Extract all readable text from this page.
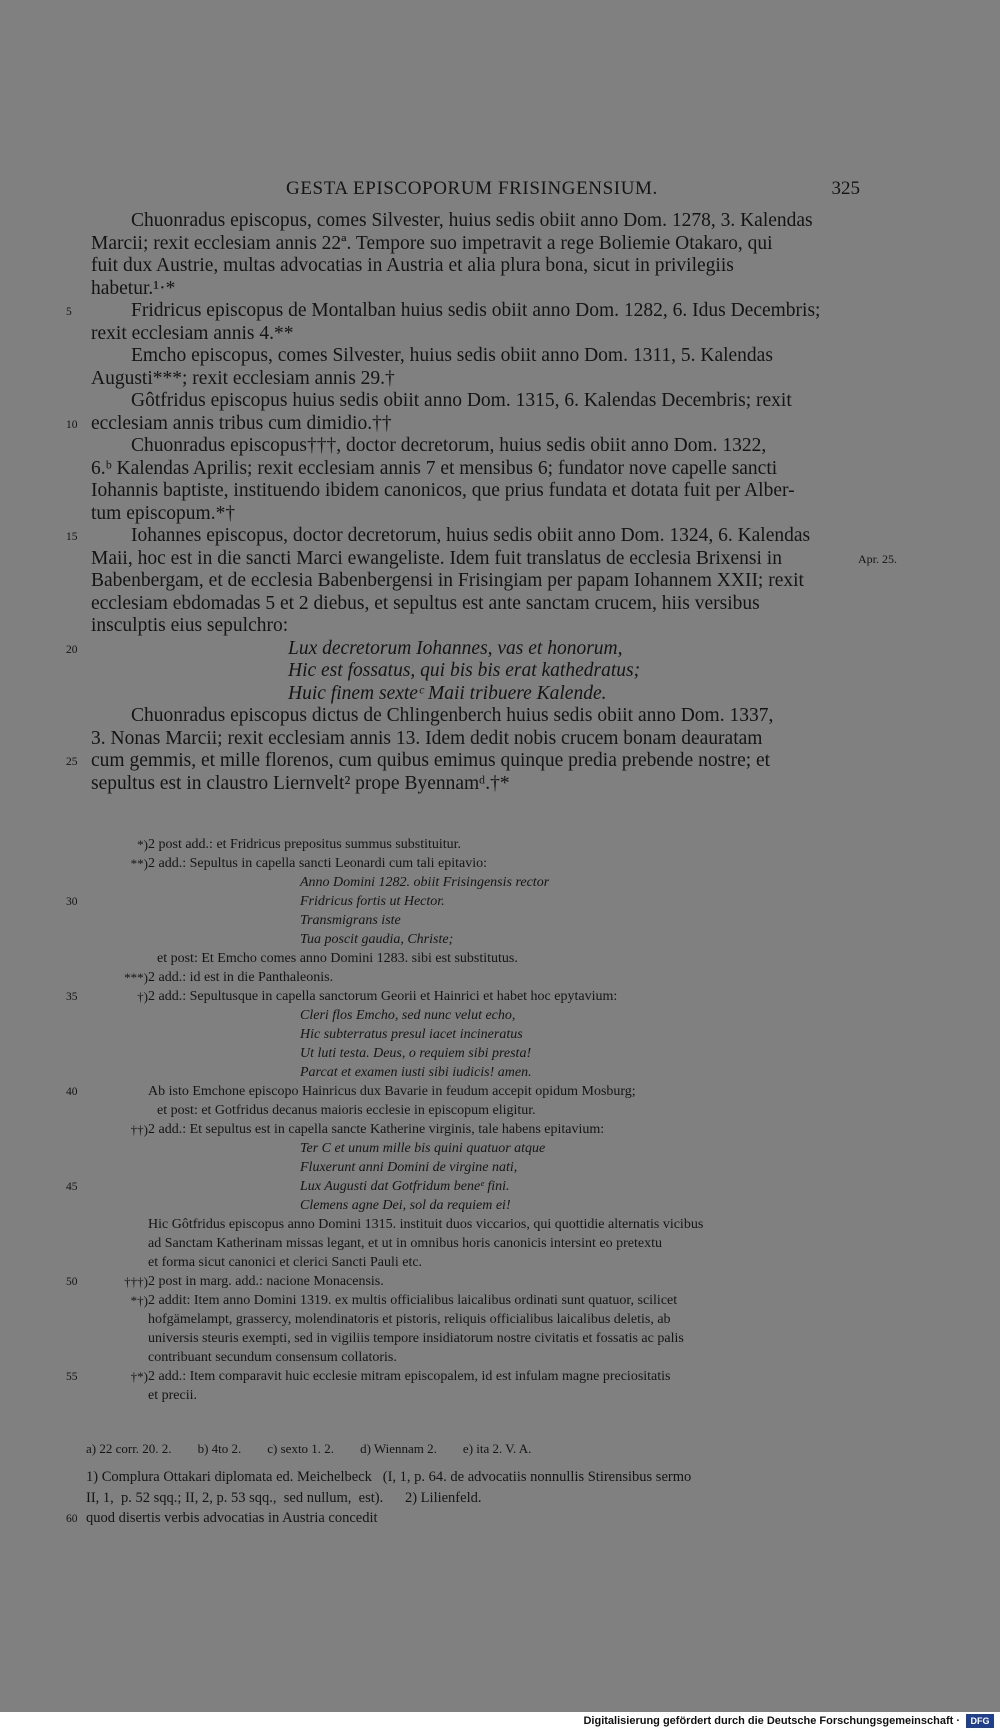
GESTA EPISCOPORUM FRISINGENSIUM.	325
Chuonradus episcopus, comes Silvester, huius sedis obiit anno Dom. 1278, 3. Kalendas
Marcii; rexit ecclesiam annis 22ª. Tempore suo impetravit a rege Boliemie Otakaro, qui
fuit dux Austrie, multas advocatias in Austria et alia plura bona, sicut in privilegiis
habetur.¹·*
5	Fridricus episcopus de Montalban huius sedis obiit anno Dom. 1282, 6. Idus Decembris;
rexit ecclesiam annis 4.**
Emcho episcopus, comes Silvester, huius sedis obiit anno Dom. 1311, 5. Kalendas
Augusti***; rexit ecclesiam annis 29.†
Gôtfridus episcopus huius sedis obiit anno Dom. 1315, 6. Kalendas Decembris; rexit
10 ecclesiam annis tribus cum dimidio.††
Chuonradus episcopus†††, doctor decretorum, huius sedis obiit anno Dom. 1322,
6.ᵇ Kalendas Aprilis; rexit ecclesiam annis 7 et mensibus 6; fundator nove capelle sancti
Iohannis baptiste, instituendo ibidem canonicos, que prius fundata et dotata fuit per Alber-
tum episcopum.*†
15	Iohannes episcopus, doctor decretorum, huius sedis obiit anno Dom. 1324, 6. Kalendas
Maii, hoc est in die sancti Marci ewangeliste. Idem fuit translatus de ecclesia Brixensi in	Apr. 25.
Babenbergam, et de ecclesia Babenbergensi in Frisingiam per papam Iohannem XXII; rexit
ecclesiam ebdomadas 5 et 2 diebus, et sepultus est ante sanctam crucem, hiis versibus
insculptis eius sepulchro:
20	Lux decretorum Iohannes, vas et honorum,
Hic est fossatus, qui bis bis erat kathedratus;
Huic finem sexteᶜ Maii tribuere Kalende.
Chuonradus episcopus dictus de Chlingenberch huius sedis obiit anno Dom. 1337,
3. Nonas Marcii; rexit ecclesiam annis 13. Idem dedit nobis crucem bonam deauratam
25 cum gemmis, et mille florenos, cum quibus emimus quinque predia prebende nostre; et
sepultus est in claustro Liernvelt² prope Byennamᵈ.†*
*) 2 post add.: et Fridricus prepositus summus substituitur.
**) 2 add.: Sepultus in capella sancti Leonardi cum tali epitavio:
Anno Domini 1282. obiit Frisingensis rector
30	Fridricus fortis ut Hector.
Transmigrans iste
Tua poscit gaudia, Christe;
et post: Et Emcho comes anno Domini 1283. sibi est substitutus.
***) 2 add.: id est in die Panthaleonis.
35	†) 2 add.: Sepultusque in capella sanctorum Georii et Hainrici et habet hoc epytavium:
Cleri flos Emcho, sed nunc velut echo,
Hic subterratus presul iacet incineratus
Ut luti testa. Deus, o requiem sibi presta!
Parcat et examen iusti sibi iudicis! amen.
40	Ab isto Emchone episcopo Hainricus dux Bavarie in feudum accepit opidum Mosburg;
et post: et Gotfridus decanus maioris ecclesie in episcopum eligitur.
††) 2 add.: Et sepultus est in capella sancte Katherine virginis, tale habens epitavium:
Ter C et unum mille bis quini quatuor atque
Fluxerunt anni Domini de virgine nati,
45	Lux Augusti dat Gotfridum beneᵉ fini.
Clemens agne Dei, sol da requiem ei!
Hic Gôtfridus episcopus anno Domini 1315. instituit duos viccarios, qui quottidie alternatis vicibus
ad Sanctam Katherinam missas legant, et ut in omnibus horis canonicis intersint eo pretextu
et forma sicut canonici et clerici Sancti Pauli etc.
50	†††) 2 post in marg. add.: nacione Monacensis.
*†) 2 addit: Item anno Domini 1319. ex multis officialibus laicalibus ordinati sunt quatuor, scilicet
hofgämelampt, grassercy, molendinatoris et pistoris, reliquis officialibus laicalibus deletis, ab
universis steuris exempti, sed in vigiliis tempore insidiatorum nostre civitatis et fossatis ac palis
contribuant secundum consensum collatoris.
55	†*) 2 add.: Item comparavit huic ecclesie mitram episcopalem, id est infulam magne preciositatis
et precii.
a) 22 corr. 20. 2. b) 4to 2. c) sexto 1. 2. d) Wiennam 2. e) ita 2. V. A.
1) Complura Ottakari diplomata ed. Meichelbeck   (I, 1, p. 64. de advocatiis nonnullis Stirensibus sermo
II, 1,  p. 52 sqq.; II, 2, p. 53 sqq.,  sed nullum,  est).      2) Lilienfeld.
60 quod disertis verbis advocatias in Austria concedit
Digitalisierung gefördert durch die Deutsche Forschungsgemeinschaft ·	DFG
